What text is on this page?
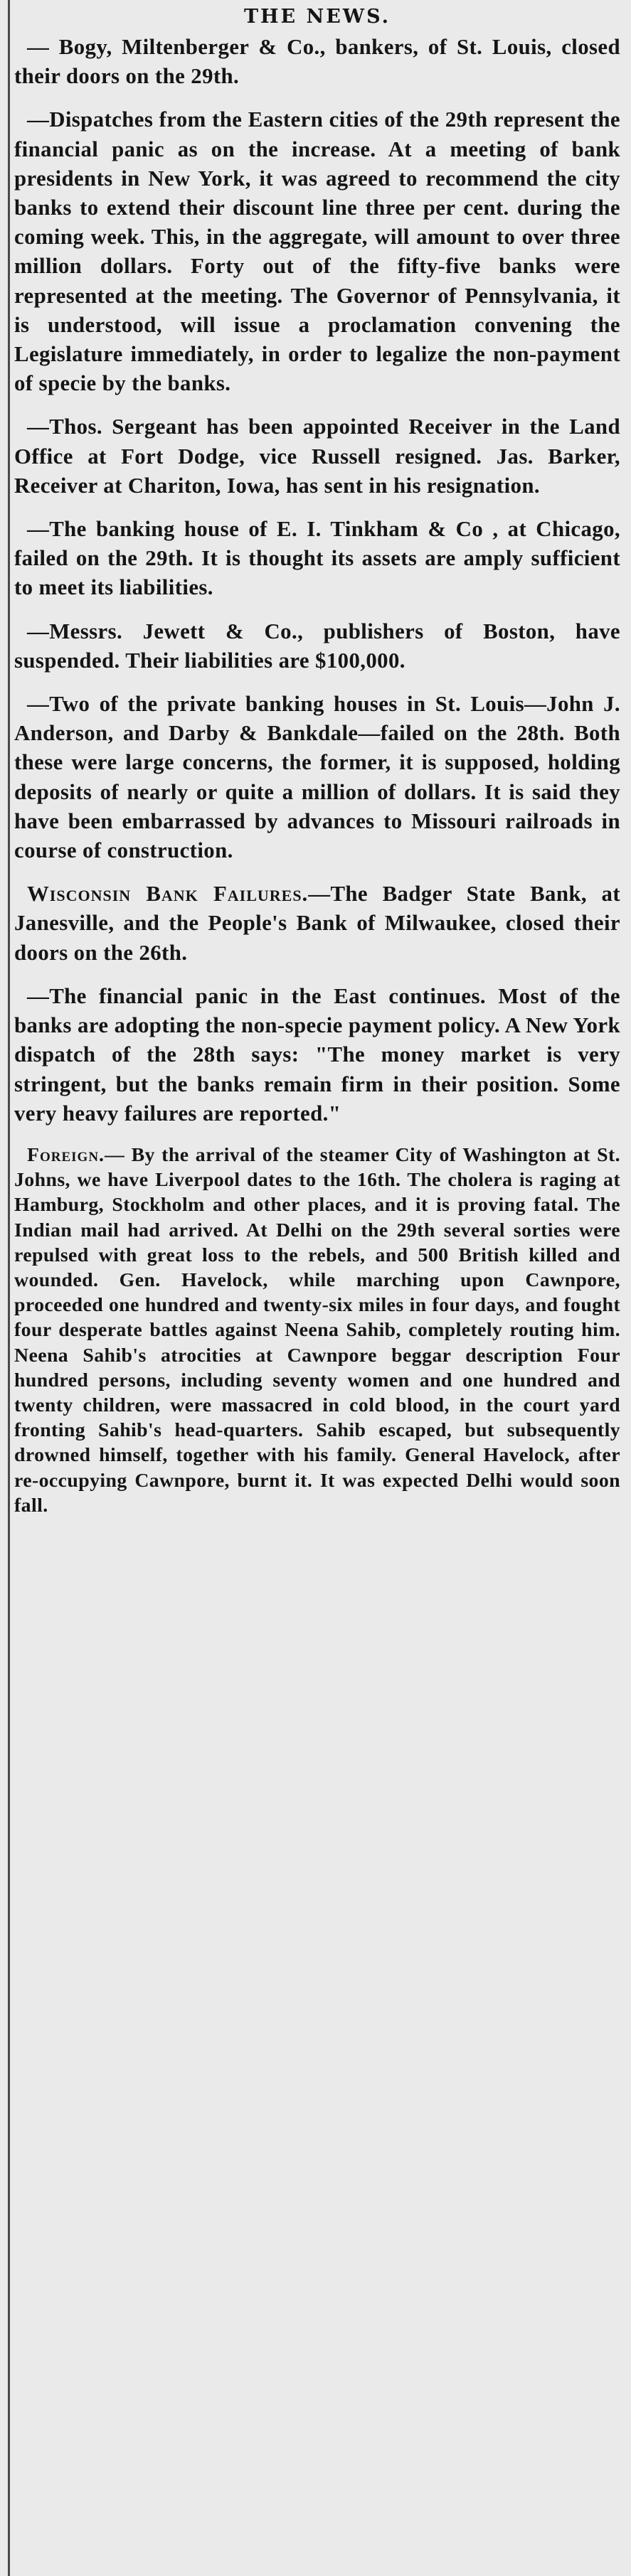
THE NEWS.

— Bogy, Miltenberger & Co., bankers, of St. Louis, closed their doors on the 29th.

—Dispatches from the Eastern cities of the 29th represent the financial panic as on the increase. At a meeting of bank presidents in New York, it was agreed to recommend the city banks to extend their discount line three per cent. during the coming week. This, in the aggregate, will amount to over three million dollars. Forty out of the fifty-five banks were represented at the meeting. The Governor of Pennsylvania, it is understood, will issue a proclamation convening the Legislature immediately, in order to legalize the non-payment of specie by the banks.

—Thos. Sergeant has been appointed Receiver in the Land Office at Fort Dodge, vice Russell resigned. Jas. Barker, Receiver at Chariton, Iowa, has sent in his resignation.

—The banking house of E. I. Tinkham & Co , at Chicago, failed on the 29th. It is thought its assets are amply sufficient to meet its liabilities.

—Messrs. Jewett & Co., publishers of Boston, have suspended. Their liabilities are $100,000.

—Two of the private banking houses in St. Louis—John J. Anderson, and Darby & Bankdale—failed on the 28th. Both these were large concerns, the former, it is supposed, holding deposits of nearly or quite a million of dollars. It is said they have been embarrassed by advances to Missouri railroads in course of construction.

Wisconsin Bank Failures.—The Badger State Bank, at Janesville, and the People's Bank of Milwaukee, closed their doors on the 26th.

—The financial panic in the East continues. Most of the banks are adopting the non-specie payment policy. A New York dispatch of the 28th says: "The money market is very stringent, but the banks remain firm in their position. Some very heavy failures are reported."

Foreign.— By the arrival of the steamer City of Washington at St. Johns, we have Liverpool dates to the 16th. The cholera is raging at Hamburg, Stockholm and other places, and it is proving fatal. The Indian mail had arrived. At Delhi on the 29th several sorties were repulsed with great loss to the rebels, and 500 British killed and wounded. Gen. Havelock, while marching upon Cawnpore, proceeded one hundred and twenty-six miles in four days, and fought four desperate battles against Neena Sahib, completely routing him. Neena Sahib's atrocities at Cawnpore beggar description Four hundred persons, including seventy women and one hundred and twenty children, were massacred in cold blood, in the court yard fronting Sahib's head-quarters. Sahib escaped, but subsequently drowned himself, together with his family. General Havelock, after re-occupying Cawnpore, burnt it. It was expected Delhi would soon fall.
